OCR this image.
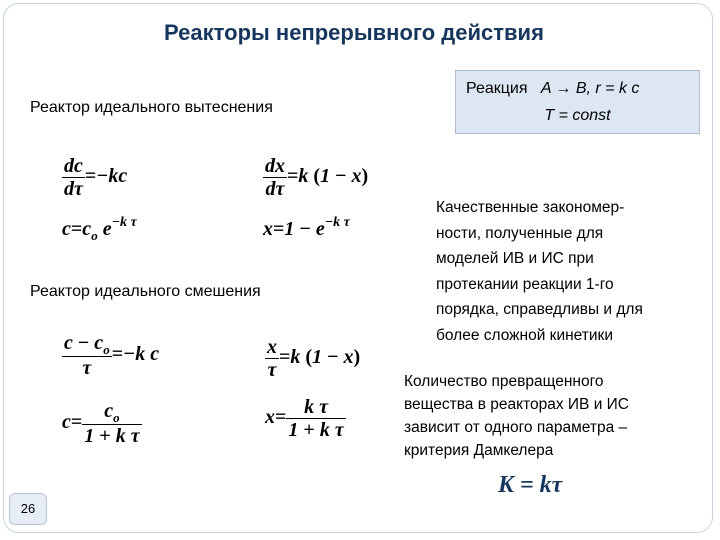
Реакторы непрерывного действия
Реакция A → B, r = k c
T = const
Реактор идеального вытеснения
Реактор идеального смешения
$\frac{dc}{d\tau} =-kc$
$c=c_o$ $e^{-k \tau}$
$\frac{dx}{d\tau} =k$ (1 − x)
$x=1 - e^{-k \tau}$
$\frac{c - c_o}{\tau} =-k$ c
$c= \frac{c_o}{\text{1 + k τ}}$
$\frac{x}{\tau} =k$ (1 − x)
$x= \frac{\text{k τ}}{\text{1 + k τ}}$
Качественные закономер-
ности, полученные для
моделей ИВ и ИС при
протекании реакции 1-го
порядка, справедливы и для
более сложной кинетики
Количество превращенного
вещества в реакторах ИВ и ИС
зависит от одного параметра –
критерия Дамкелера
K = kτ
26
